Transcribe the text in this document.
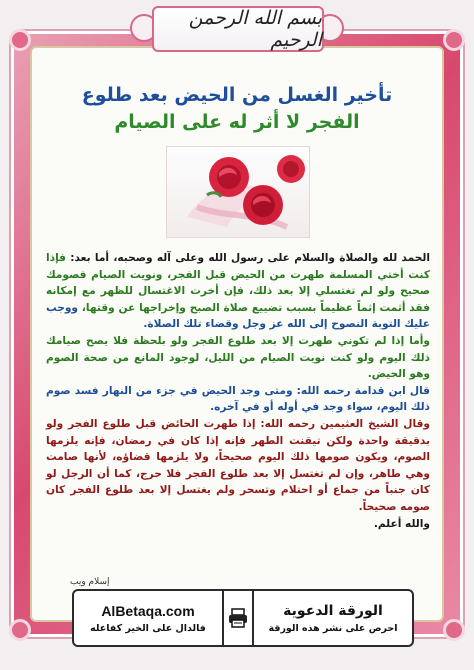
بسم الله الرحمن الرحيم
تأخير الغسل من الحيض بعد طلوع
الفجر لا أثر له على الصيام
الحمد لله والصلاة والسلام على رسول الله وعلى آله وصحبه، أما بعد: فإذا كنت أختي المسلمة طهرت من الحيض قبل الفجر، ونويت الصيام فصومك صحيح ولو لم تغتسلي إلا بعد ذلك، فإن أخرت الاغتسال للظهر مع إمكانه فقد أثمت إثماً عظيماً بسبب تضييع صلاة الصبح وإخراجها عن وقتها، ووجب عليك التوبة النصوح إلى الله عز وجل وقضاء تلك الصلاة.
وأما إذا لم تكوني طهرت إلا بعد طلوع الفجر ولو بلحظة فلا يصح صيامك ذلك اليوم ولو كنت نويت الصيام من الليل، لوجود المانع من صحة الصوم وهو الحيض.
قال ابن قدامة رحمه الله: ومتى وجد الحيض في جزء من النهار فسد صوم ذلك اليوم، سواء وجد في أوله أو في آخره.
وقال الشيخ العثيمين رحمه الله: إذا طهرت الحائض قبل طلوع الفجر ولو بدقيقة واحدة ولكن تيقنت الطهر فإنه إذا كان في رمضان، فإنه يلزمها الصوم، ويكون صومها ذلك اليوم صحيحاً، ولا يلزمها قضاؤه، لأنها صامت وهي طاهر، وإن لم تغتسل إلا بعد طلوع الفجر فلا حرج، كما أن الرجل لو كان جنباً من جماع أو احتلام وتسحر ولم يغتسل إلا بعد طلوع الفجر كان صومه صحيحاً.
والله أعلم.
إسلام ويب
AlBetaqa.com
فالدال على الخير كفاعله
الورقة الدعوية
احرص على نشر هذه الورقة
